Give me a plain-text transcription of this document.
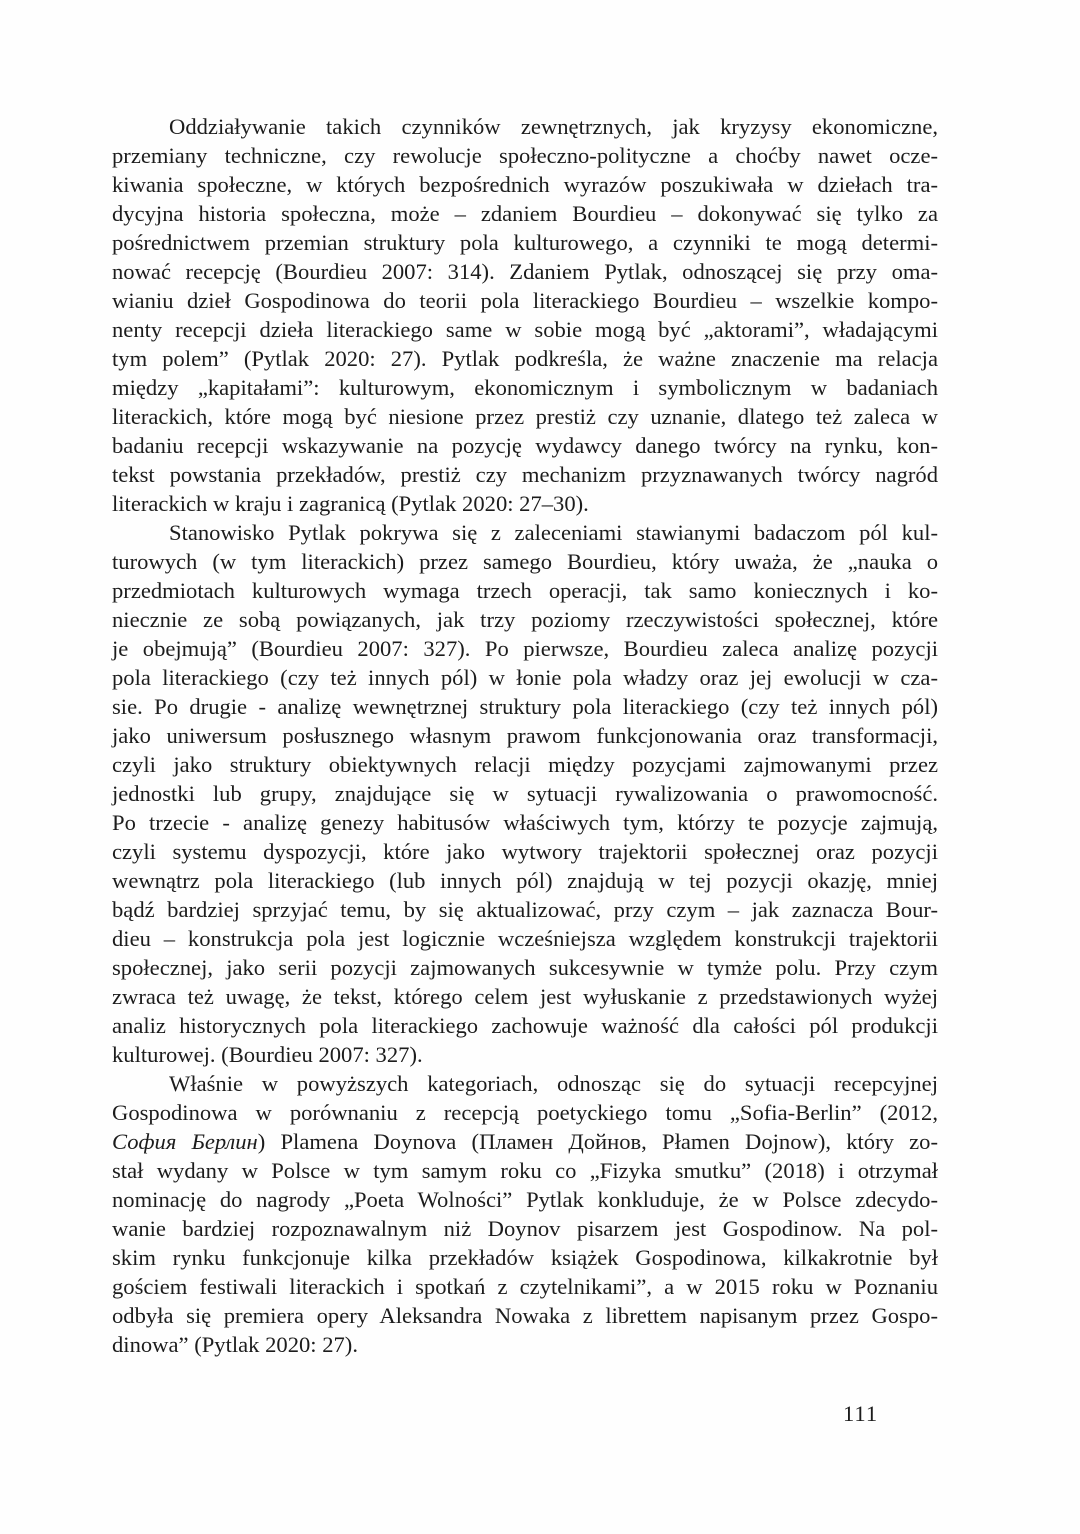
Oddziaływanie takich czynników zewnętrznych, jak kryzysy ekonomiczne,
przemiany techniczne, czy rewolucje społeczno-polityczne a choćby nawet ocze-
kiwania społeczne, w których bezpośrednich wyrazów poszukiwała w dziełach tra-
dycyjna historia społeczna, może – zdaniem Bourdieu – dokonywać się tylko za
pośrednictwem przemian struktury pola kulturowego, a czynniki te mogą determi-
nować recepcję (Bourdieu 2007: 314). Zdaniem Pytlak, odnoszącej się przy oma-
wianiu dzieł Gospodinowa do teorii pola literackiego Bourdieu – wszelkie kompo-
nenty recepcji dzieła literackiego same w sobie mogą być „aktorami”, władającymi
tym polem” (Pytlak 2020: 27). Pytlak podkreśla, że ważne znaczenie ma relacja
między „kapitałami”: kulturowym, ekonomicznym i symbolicznym w badaniach
literackich, które mogą być niesione przez prestiż czy uznanie, dlatego też zaleca w
badaniu recepcji wskazywanie na pozycję wydawcy danego twórcy na rynku, kon-
tekst powstania przekładów, prestiż czy mechanizm przyznawanych twórcy nagród
literackich w kraju i zagranicą (Pytlak 2020: 27–30).
Stanowisko Pytlak pokrywa się z zaleceniami stawianymi badaczom pól kul-
turowych (w tym literackich) przez samego Bourdieu, który uważa, że „nauka o
przedmiotach kulturowych wymaga trzech operacji, tak samo koniecznych i ko-
niecznie ze sobą powiązanych, jak trzy poziomy rzeczywistości społecznej, które
je obejmują” (Bourdieu 2007: 327). Po pierwsze, Bourdieu zaleca analizę pozycji
pola literackiego (czy też innych pól) w łonie pola władzy oraz jej ewolucji w cza-
sie. Po drugie - analizę wewnętrznej struktury pola literackiego (czy też innych pól)
jako uniwersum posłusznego własnym prawom funkcjonowania oraz transformacji,
czyli jako struktury obiektywnych relacji między pozycjami zajmowanymi przez
jednostki lub grupy, znajdujące się w sytuacji rywalizowania o prawomocność.
Po trzecie - analizę genezy habitusów właściwych tym, którzy te pozycje zajmują,
czyli systemu dyspozycji, które jako wytwory trajektorii społecznej oraz pozycji
wewnątrz pola literackiego (lub innych pól) znajdują w tej pozycji okazję, mniej
bądź bardziej sprzyjać temu, by się aktualizować, przy czym – jak zaznacza Bour-
dieu – konstrukcja pola jest logicznie wcześniejsza względem konstrukcji trajektorii
społecznej, jako serii pozycji zajmowanych sukcesywnie w tymże polu. Przy czym
zwraca też uwagę, że tekst, którego celem jest wyłuskanie z przedstawionych wyżej
analiz historycznych pola literackiego zachowuje ważność dla całości pól produkcji
kulturowej. (Bourdieu 2007: 327).
Właśnie w powyższych kategoriach, odnosząc się do sytuacji recepcyjnej
Gospodinowa w porównaniu z recepcją poetyckiego tomu „Sofia-Berlin” (2012,
София Берлин) Plamena Doynova (Пламен Дойнов, Płamen Dojnow), który zo-
stał wydany w Polsce w tym samym roku co „Fizyka smutku” (2018) i otrzymał
nominację do nagrody „Poeta Wolności” Pytlak konkluduje, że w Polsce zdecydo-
wanie bardziej rozpoznawalnym niż Doynov pisarzem jest Gospodinow. Na pol-
skim rynku funkcjonuje kilka przekładów książek Gospodinowa, kilkakrotnie był
gościem festiwali literackich i spotkań z czytelnikami”, a w 2015 roku w Poznaniu
odbyła się premiera opery Aleksandra Nowaka z librettem napisanym przez Gospo-
dinowa” (Pytlak 2020: 27).
111
